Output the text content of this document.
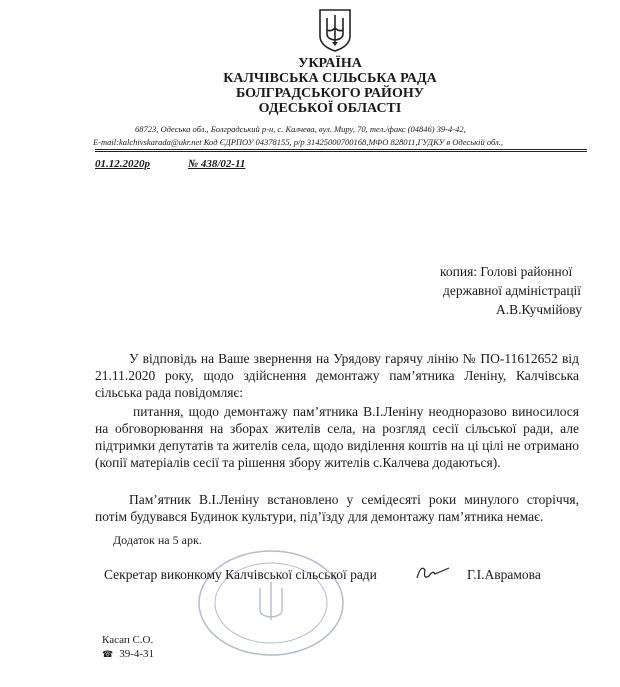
УКРАЇНА
КАЛЧІВСЬКА СІЛЬСЬКА РАДА
БОЛГРАДСЬКОГО РАЙОНУ
ОДЕСЬКОЇ ОБЛАСТІ
68723, Одеська обл., Болградський р-н, с. Калчева, вул. Миру, 70, тел./факс (04846) 39-4-42,
E-mail:kalchivskarada@ukr.net Код ЄДРПОУ 04378155, р/р 31425000700168,МФО 828011,ГУДКУ в Одеській обл.,
01.12.2020р	№ 438/02-11
копия: Голові районної
державної адміністрації
А.В.Кучмійову
У відповідь на Ваше звернення на Урядову гарячу лінію № ПО-11612652 від 21.11.2020 року, щодо здійснення демонтажу пам’ятника Леніну, Калчівська сільська рада повідомляє:
питання, щодо демонтажу пам’ятника В.І.Леніну неодноразово виносилося на обговорювання на зборах жителів села, на розгляд сесії сільської ради, але підтримки депутатів та жителів села, щодо виділення коштів на ці цілі не отримано (копії матеріалів сесії та рішення збору жителів с.Калчева додаються).
Пам’ятник В.І.Леніну встановлено у семідесяті роки минулого сторіччя, потім будувався Будинок культури, під’їзду для демонтажу пам’ятника немає.
Додаток на 5 арк.
Секретар виконкому Калчівської сільської ради	Г.І.Аврамова
Касап С.О.
☎ 39-4-31
